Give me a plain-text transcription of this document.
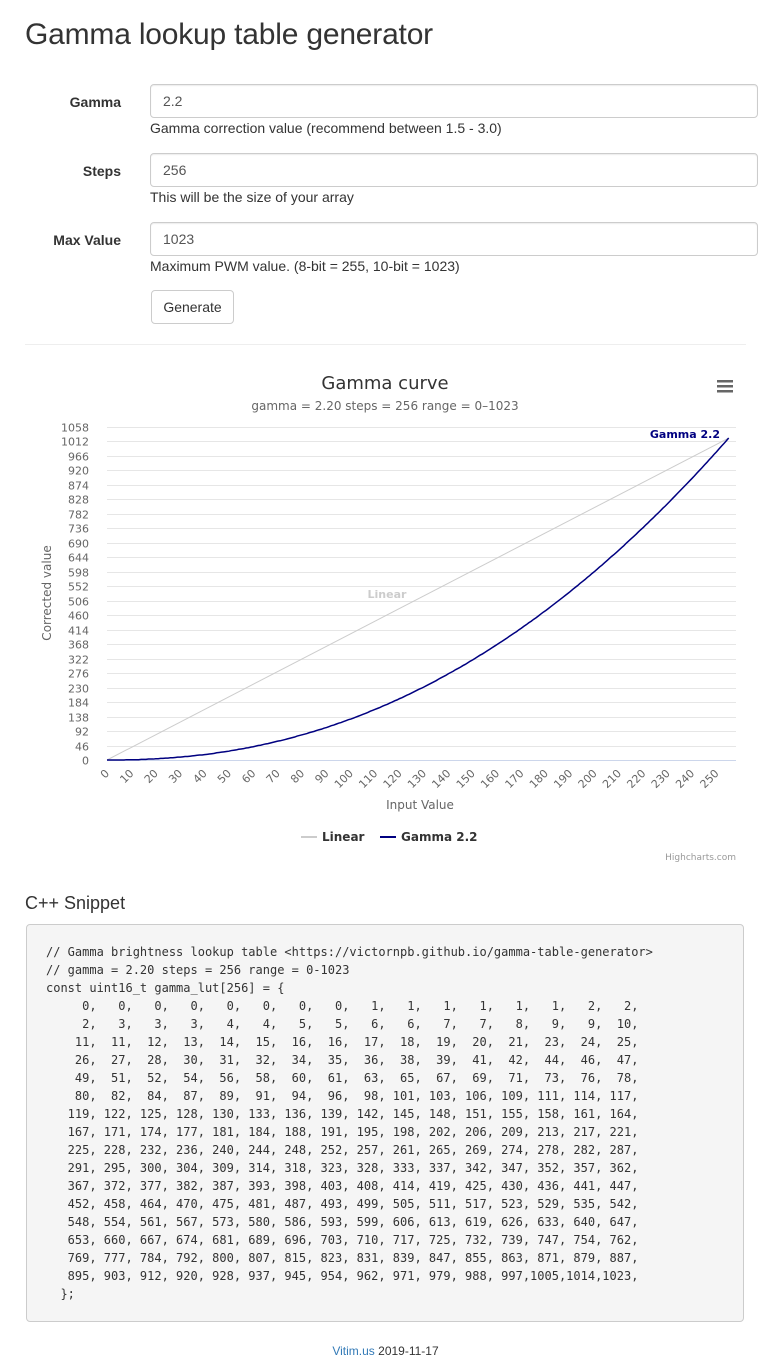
Gamma lookup table generator
Gamma
2.2
Gamma correction value (recommend between 1.5 - 3.0)
Steps
256
This will be the size of your array
Max Value
1023
Maximum PWM value. (8-bit = 255, 10-bit = 1023)
Generate
Gamma curve
gamma = 2.20 steps = 256 range = 0–1023
0
46
92
138
184
230
276
322
368
414
460
506
552
598
644
690
736
782
828
874
920
966
1012
1058
0 10 20 30 40 50 60 70 80 90 100 110 120 130 140 150 160 170 180 190 200 210 220 230 240 250
Linear
Gamma 2.2
Corrected value
Input Value
Linear	Gamma 2.2
Highcharts.com
C++ Snippet
// Gamma brightness lookup table <https://victornpb.github.io/gamma-table-generator>
// gamma = 2.20 steps = 256 range = 0-1023
const uint16_t gamma_lut[256] = {
0,   0,   0,   0,   0,   0,   0,   0,   1,   1,   1,   1,   1,   1,   2,   2,
2,   3,   3,   3,   4,   4,   5,   5,   6,   6,   7,   7,   8,   9,   9,  10,
11,  11,  12,  13,  14,  15,  16,  16,  17,  18,  19,  20,  21,  23,  24,  25,
26,  27,  28,  30,  31,  32,  34,  35,  36,  38,  39,  41,  42,  44,  46,  47,
49,  51,  52,  54,  56,  58,  60,  61,  63,  65,  67,  69,  71,  73,  76,  78,
80,  82,  84,  87,  89,  91,  94,  96,  98, 101, 103, 106, 109, 111, 114, 117,
119, 122, 125, 128, 130, 133, 136, 139, 142, 145, 148, 151, 155, 158, 161, 164,
167, 171, 174, 177, 181, 184, 188, 191, 195, 198, 202, 206, 209, 213, 217, 221,
225, 228, 232, 236, 240, 244, 248, 252, 257, 261, 265, 269, 274, 278, 282, 287,
291, 295, 300, 304, 309, 314, 318, 323, 328, 333, 337, 342, 347, 352, 357, 362,
367, 372, 377, 382, 387, 393, 398, 403, 408, 414, 419, 425, 430, 436, 441, 447,
452, 458, 464, 470, 475, 481, 487, 493, 499, 505, 511, 517, 523, 529, 535, 542,
548, 554, 561, 567, 573, 580, 586, 593, 599, 606, 613, 619, 626, 633, 640, 647,
653, 660, 667, 674, 681, 689, 696, 703, 710, 717, 725, 732, 739, 747, 754, 762,
769, 777, 784, 792, 800, 807, 815, 823, 831, 839, 847, 855, 863, 871, 879, 887,
895, 903, 912, 920, 928, 937, 945, 954, 962, 971, 979, 988, 997,1005,1014,1023,
};
Vitim.us 2019-11-17
